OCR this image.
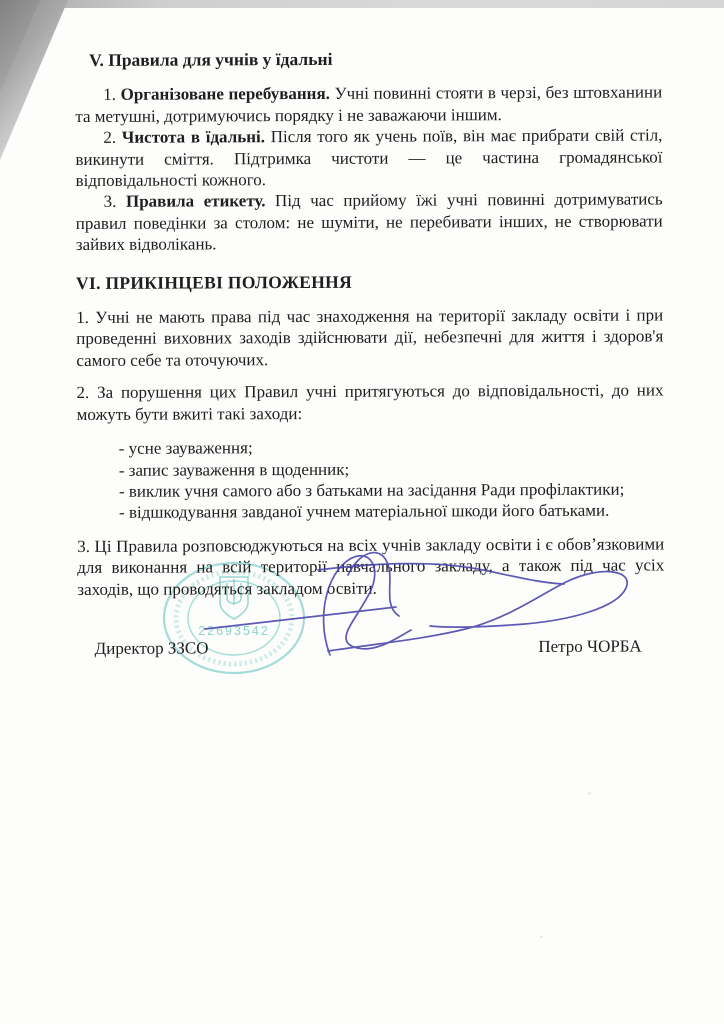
22693542
V. Правила для учнів у їдальні

1. Організоване перебування. Учні повинні стояти в черзі, без штовханини та метушні, дотримуючись порядку і не заважаючи іншим.

2. Чистота в їдальні. Після того як учень поїв, він має прибрати свій стіл, викинути сміття. Підтримка чистоти — це частина громадянської відповідальності кожного.

3. Правила етикету. Під час прийому їжі учні повинні дотримуватись правил поведінки за столом: не шуміти, не перебивати інших, не створювати зайвих відволікань.

VI. ПРИКІНЦЕВІ ПОЛОЖЕННЯ

1. Учні не мають права під час знаходження на території закладу освіти і при проведенні виховних заходів здійснювати дії, небезпечні для життя і здоров'я самого себе та оточуючих.

2. За порушення цих Правил учні притягуються до відповідальності, до них можуть бути вжиті такі заходи:

- усне зауваження;
- запис зауваження в щоденник;
- виклик учня самого або з батьками на засідання Ради профілактики;
- відшкодування завданої учнем матеріальної шкоди його батьками.

3. Ці Правила розповсюджуються на всіх учнів закладу освіти і є обов’язковими для виконання на всій території навчального закладу, а також під час усіх заходів, що проводяться закладом освіти.

Директор ЗЗСО	Петро ЧОРБА
